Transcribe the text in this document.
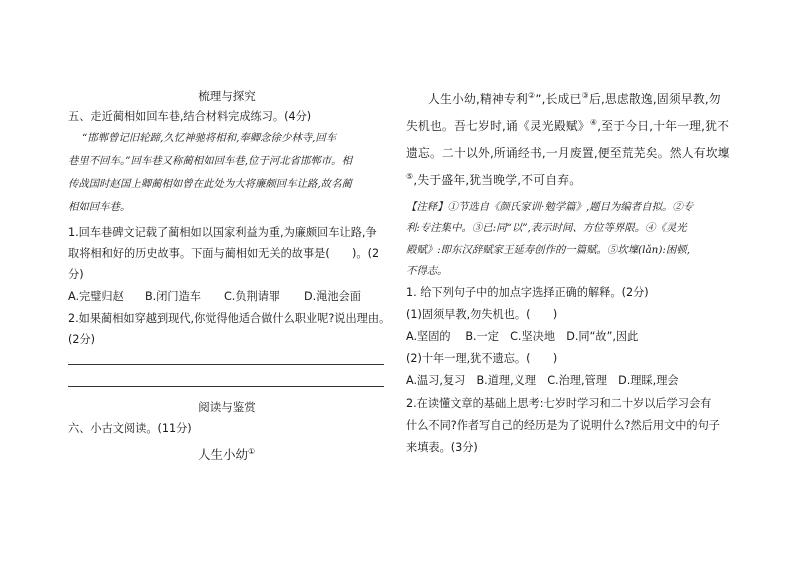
梳理与探究
五、走近蔺相如回车巷,结合材料完成练习。(4分)
“邯郸曾记旧轮蹄,久忆神驰将相和,奉卿念徐少林寺,回车
巷里不回车。”回车巷又称蔺相如回车巷,位于河北省邯郸市。相
传战国时赵国上卿蔺相如曾在此处为大将廉颇回车让路,故名蔺
相如回车巷。
1.回车巷碑文记载了蔺相如以国家利益为重,为廉颇回车让路,争
取将相和好的历史故事。下面与蔺相如无关的故事是(　　)。(2
分)
A.完璧归赵 B.闭门造车 C.负荆请罪 D.渑池会面
2.如果蔺相如穿越到现代,你觉得他适合做什么职业呢?说出理由。
(2分)
阅读与鉴赏
六、小古文阅读。(11分)
人生小幼①
人生小幼,精神专利②”,长成已③后,思虑散逸,固须早教,勿
失机也。吾七岁时,诵《灵光殿赋》④,至于今日,十年一理,犹不
遗忘。二十以外,所诵经书,一月废置,便至荒芜矣。然人有坎壈
⑤,失于盛年,犹当晚学,不可自弃。
【注释】①节选自《颜氏家训·勉学篇》,题目为编者自拟。②专
利:专注集中。③已:同“以”,表示时间、方位等界限。④《灵光
殿赋》:即东汉辞赋家王延寿创作的一篇赋。⑤坎壈(lǎn):困顿,
不得志。
1. 给下列句子中的加点字选择正确的解释。(2分)
(1)固须早教,勿失机也。(　　)
A.坚固的　 B.一定　C.坚决地　D.同“故”,因此
(2)十年一理,犹不遗忘。(　　)
A.温习,复习　B.道理,义理　C.治理,管理　D.理睬,理会
2.在读懂文章的基础上思考:七岁时学习和二十岁以后学习会有
什么不同?作者写自己的经历是为了说明什么?然后用文中的句子
来填表。(3分)
